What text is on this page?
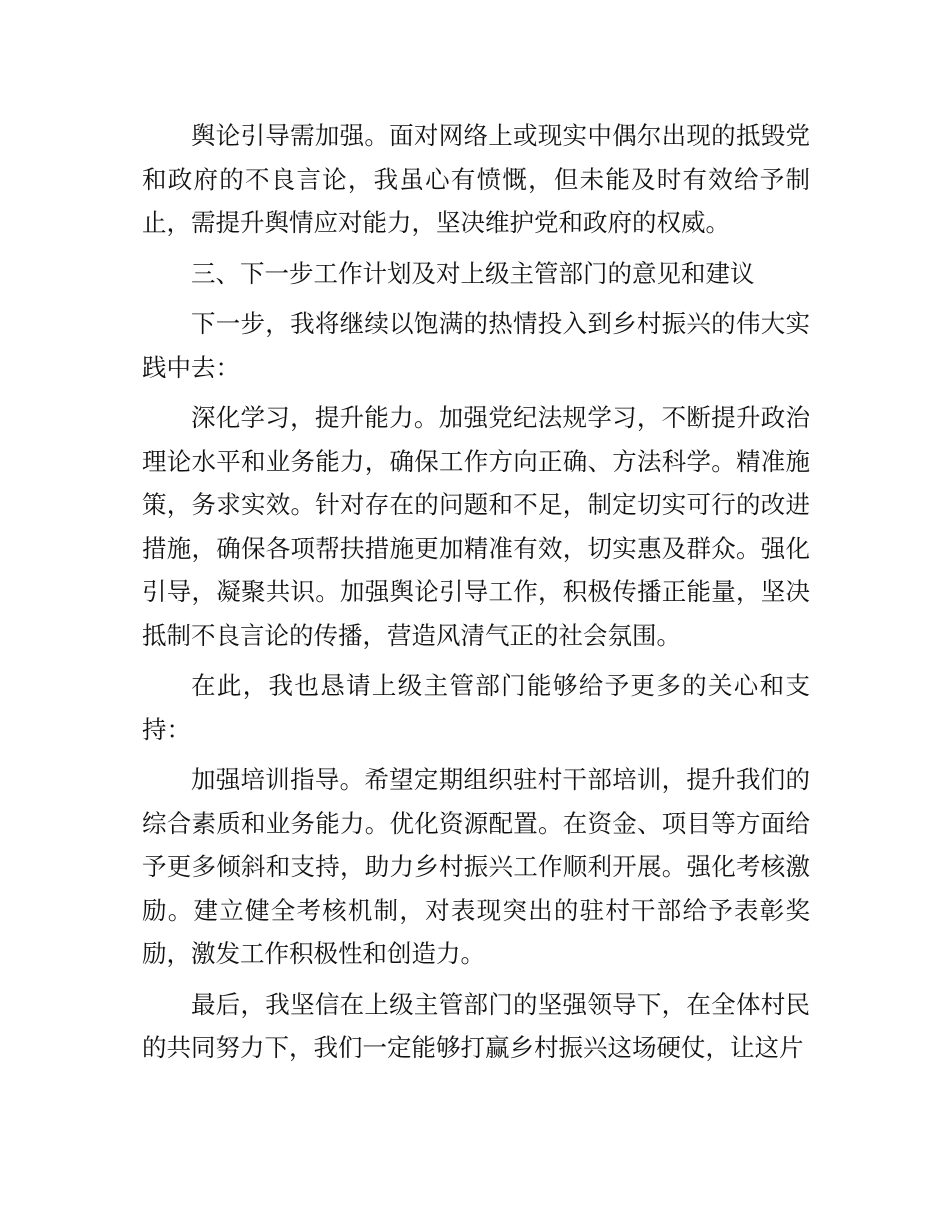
舆论引导需加强。面对网络上或现实中偶尔出现的抵毁党和政府的不良言论，我虽心有愤慨，但未能及时有效给予制止，需提升舆情应对能力，坚决维护党和政府的权威。

三、下一步工作计划及对上级主管部门的意见和建议

下一步，我将继续以饱满的热情投入到乡村振兴的伟大实践中去：

深化学习，提升能力。加强党纪法规学习，不断提升政治理论水平和业务能力，确保工作方向正确、方法科学。精准施策，务求实效。针对存在的问题和不足，制定切实可行的改进措施，确保各项帮扶措施更加精准有效，切实惠及群众。强化引导，凝聚共识。加强舆论引导工作，积极传播正能量，坚决抵制不良言论的传播，营造风清气正的社会氛围。

在此，我也恳请上级主管部门能够给予更多的关心和支持：

加强培训指导。希望定期组织驻村干部培训，提升我们的综合素质和业务能力。优化资源配置。在资金、项目等方面给予更多倾斜和支持，助力乡村振兴工作顺利开展。强化考核激励。建立健全考核机制，对表现突出的驻村干部给予表彰奖励，激发工作积极性和创造力。

最后，我坚信在上级主管部门的坚强领导下，在全体村民的共同努力下，我们一定能够打赢乡村振兴这场硬仗，让这片
